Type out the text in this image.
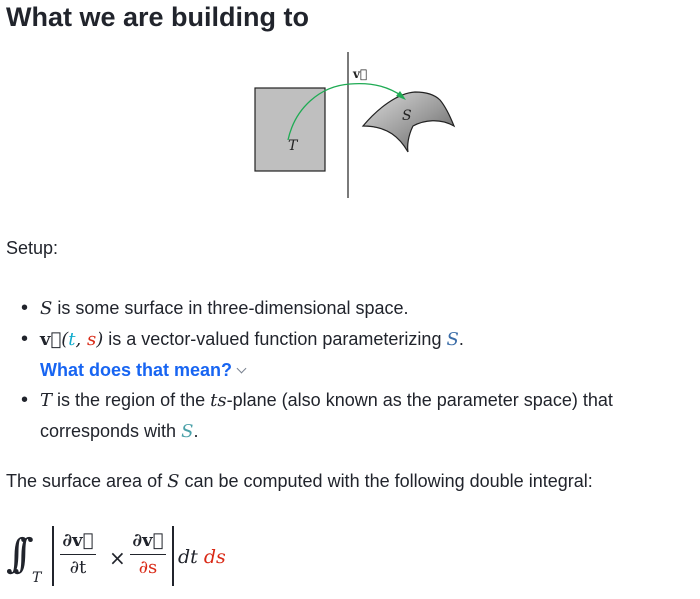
What we are building to
T
S
v⃗
Setup:
• S is some surface in three-dimensional space.
• v⃗(t, s) is a vector-valued function parameterizing S.
What does that mean?
• T is the region of the ts-plane (also known as the parameter space) that corresponds with S.
The surface area of S can be computed with the following double integral:
∫∫
T $\frac{\partial v⃗}{\partial t} \times \frac{\partial v⃗}{\partial s}$ dt ds
